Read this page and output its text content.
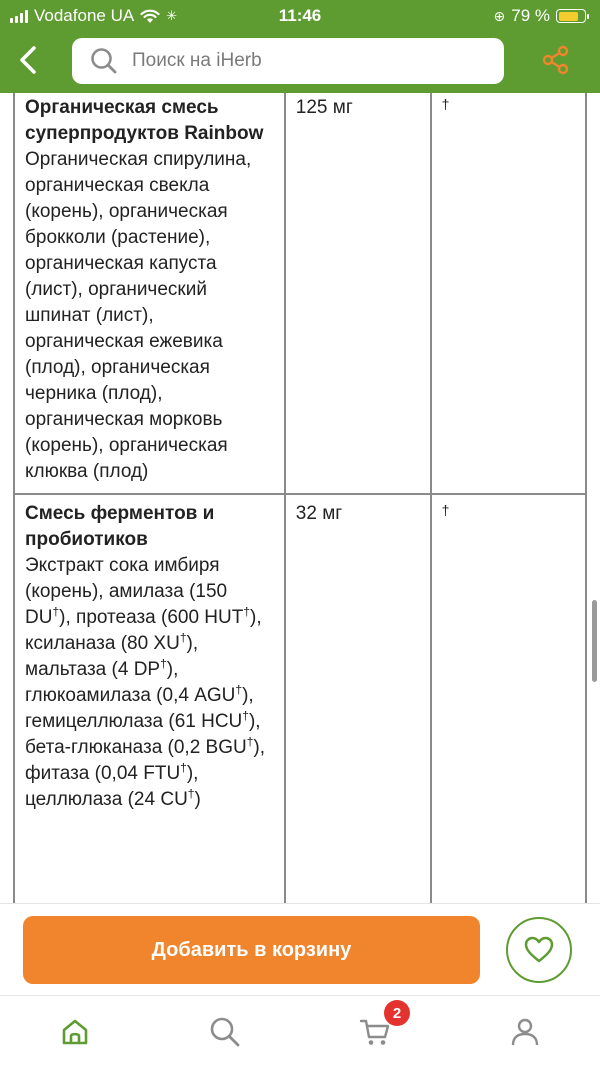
Vodafone UA ✳	11:46	⊕ 79 %
Поиск на iHerb
Органическая смесь суперпродуктов Rainbow
Органическая спирулина, органическая свекла (корень), органическая брокколи (растение), органическая капуста (лист), органический шпинат (лист), органическая ежевика (плод), органическая черника (плод), органическая морковь (корень), органическая клюква (плод)	125 мг	†

Смесь ферментов и пробиотиков
Экстракт сока имбиря (корень), амилаза (150 DU†), протеаза (600 HUT†), ксиланаза (80 XU†), мальтаза (4 DP†), глюкоамилаза (0,4 AGU†), гемицеллюлаза (61 HCU†), бета-глюканаза (0,2 BGU†), фитаза (0,04 FTU†), целлюлаза (24 CU†)	32 мг	†
Добавить в корзину
2
